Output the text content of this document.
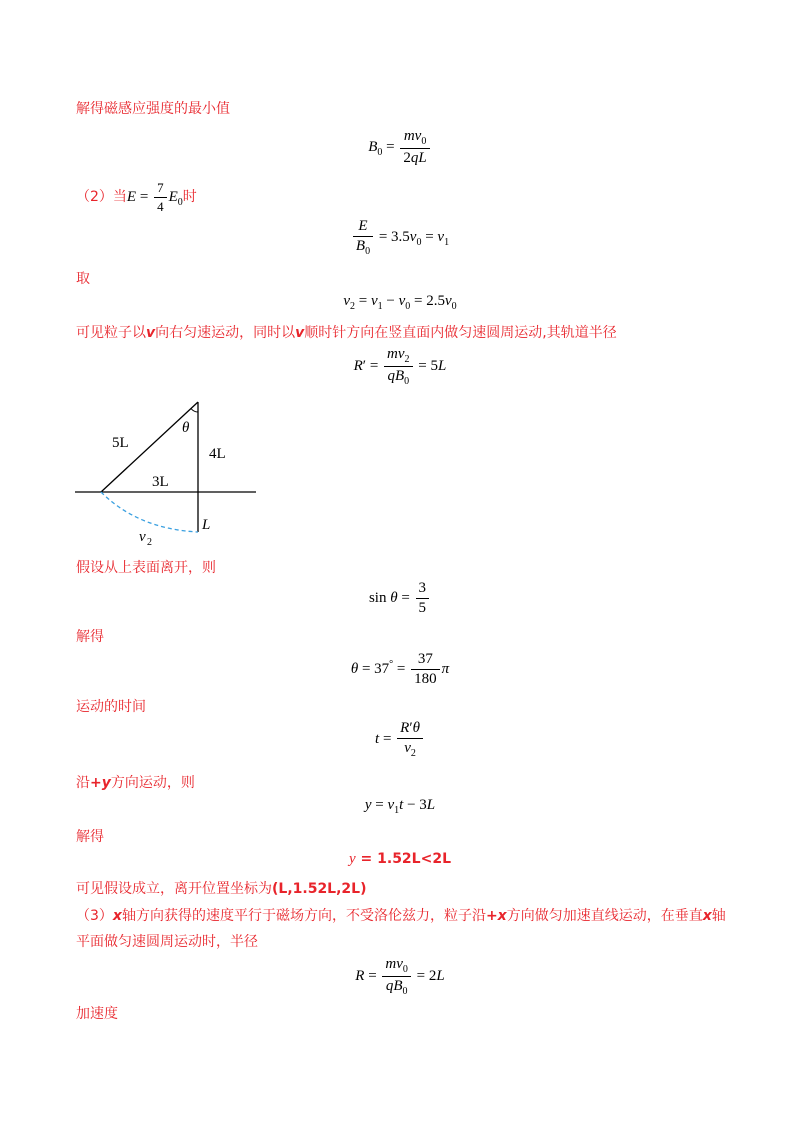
解得磁感应强度的最小值
$B_0 = \frac{mv_0}{2qL}$
（2）当$E = \frac{7}{4} E_0$时
$\frac{E}{B_0} = 3.5v_0 = v_1$
取
$v_2 = v_1 - v_0 = 2.5v_0$
可见粒子以v向右匀速运动，同时以v顺时针方向在竖直面内做匀速圆周运动,其轨道半径
$R' = \frac{mv_2}{qB_0} = 5L$
5L
θ
4L
3L
L
v 2
假设从上表面离开，则
$\sin \theta = \frac{3}{5}$
解得
$\theta = 37^\circ = \frac{37}{180}$ π
运动的时间
$t = \frac{R'\theta}{v_2}$
沿+y方向运动，则
$y = v_1t - 3L$
解得
y = 1.52L<2L
可见假设成立，离开位置坐标为(L,1.52L,2L)
（3）x轴方向获得的速度平行于磁场方向，不受洛伦兹力，粒子沿+x方向做匀加速直线运动，在垂直x轴
平面做匀速圆周运动时，半径
$R = \frac{mv_0}{qB_0} = 2L$
加速度
